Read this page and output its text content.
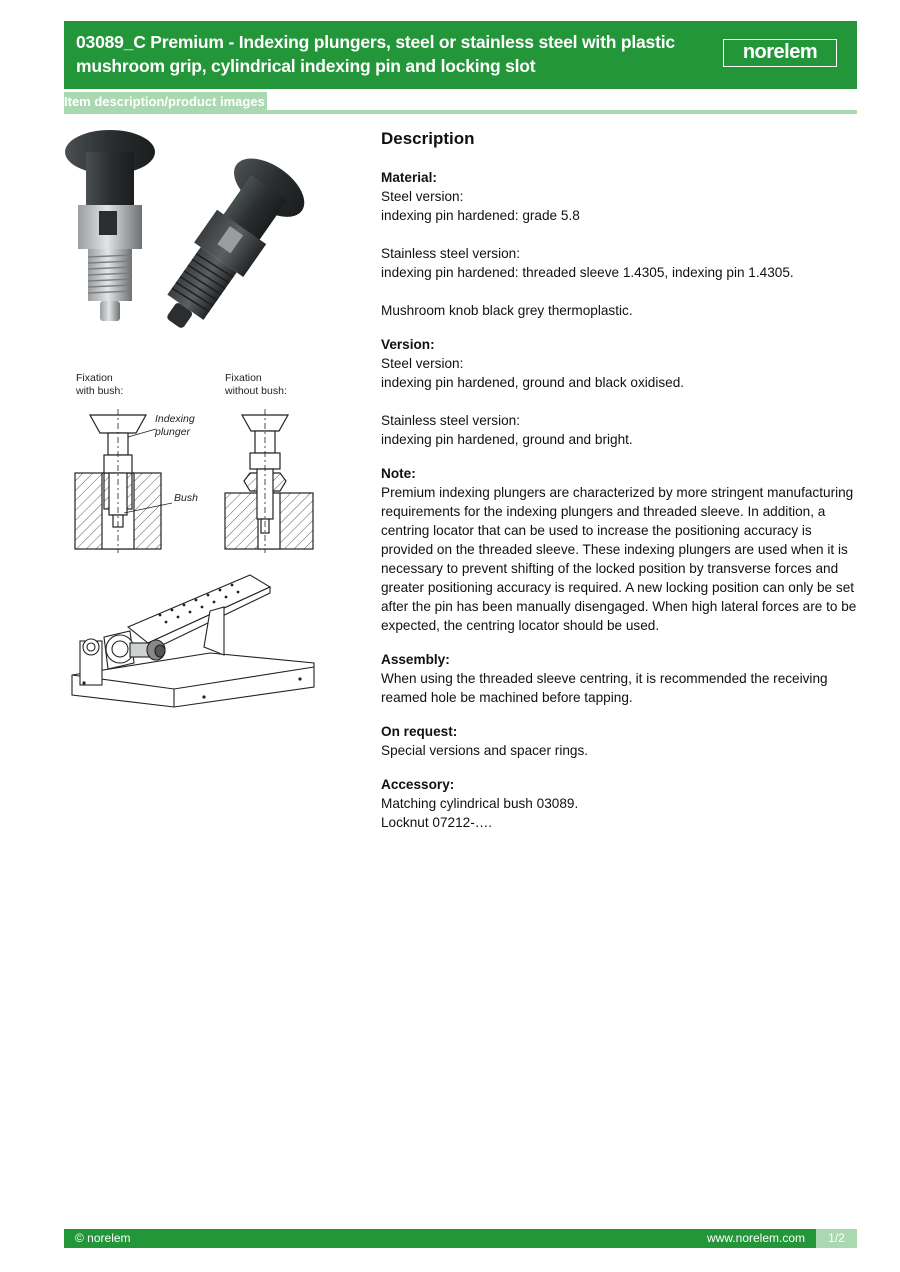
03089_C Premium - Indexing plungers, steel or stainless steel with plastic mushroom grip, cylindrical indexing pin and locking slot
norelem
Item description/product images
Fixation
with bush:
Fixation
without bush:
Indexing
plunger
Bush
Description
Material:

Steel version:

indexing pin hardened: grade 5.8

Stainless steel version:

indexing pin hardened: threaded sleeve 1.4305, indexing pin 1.4305.

Mushroom knob black grey thermoplastic.

Version:

Steel version:

indexing pin hardened, ground and black oxidised.

Stainless steel version:

indexing pin hardened, ground and bright.

Note:

Premium indexing plungers are characterized by more stringent manufacturing requirements for the indexing plungers and threaded sleeve. In addition, a centring locator that can be used to increase the positioning accuracy is provided on the threaded sleeve. These indexing plungers are used when it is necessary to prevent shifting of the locked position by transverse forces and greater positioning accuracy is required. A new locking position can only be set after the pin has been manually disengaged. When high lateral forces are to be expected, the centring locator should be used.

Assembly:

When using the threaded sleeve centring, it is recommended the receiving reamed hole be machined before tapping.

On request:

Special versions and spacer rings.

Accessory:

Matching cylindrical bush 03089.

Locknut 07212-….

© norelem	www.norelem.com	1/2
